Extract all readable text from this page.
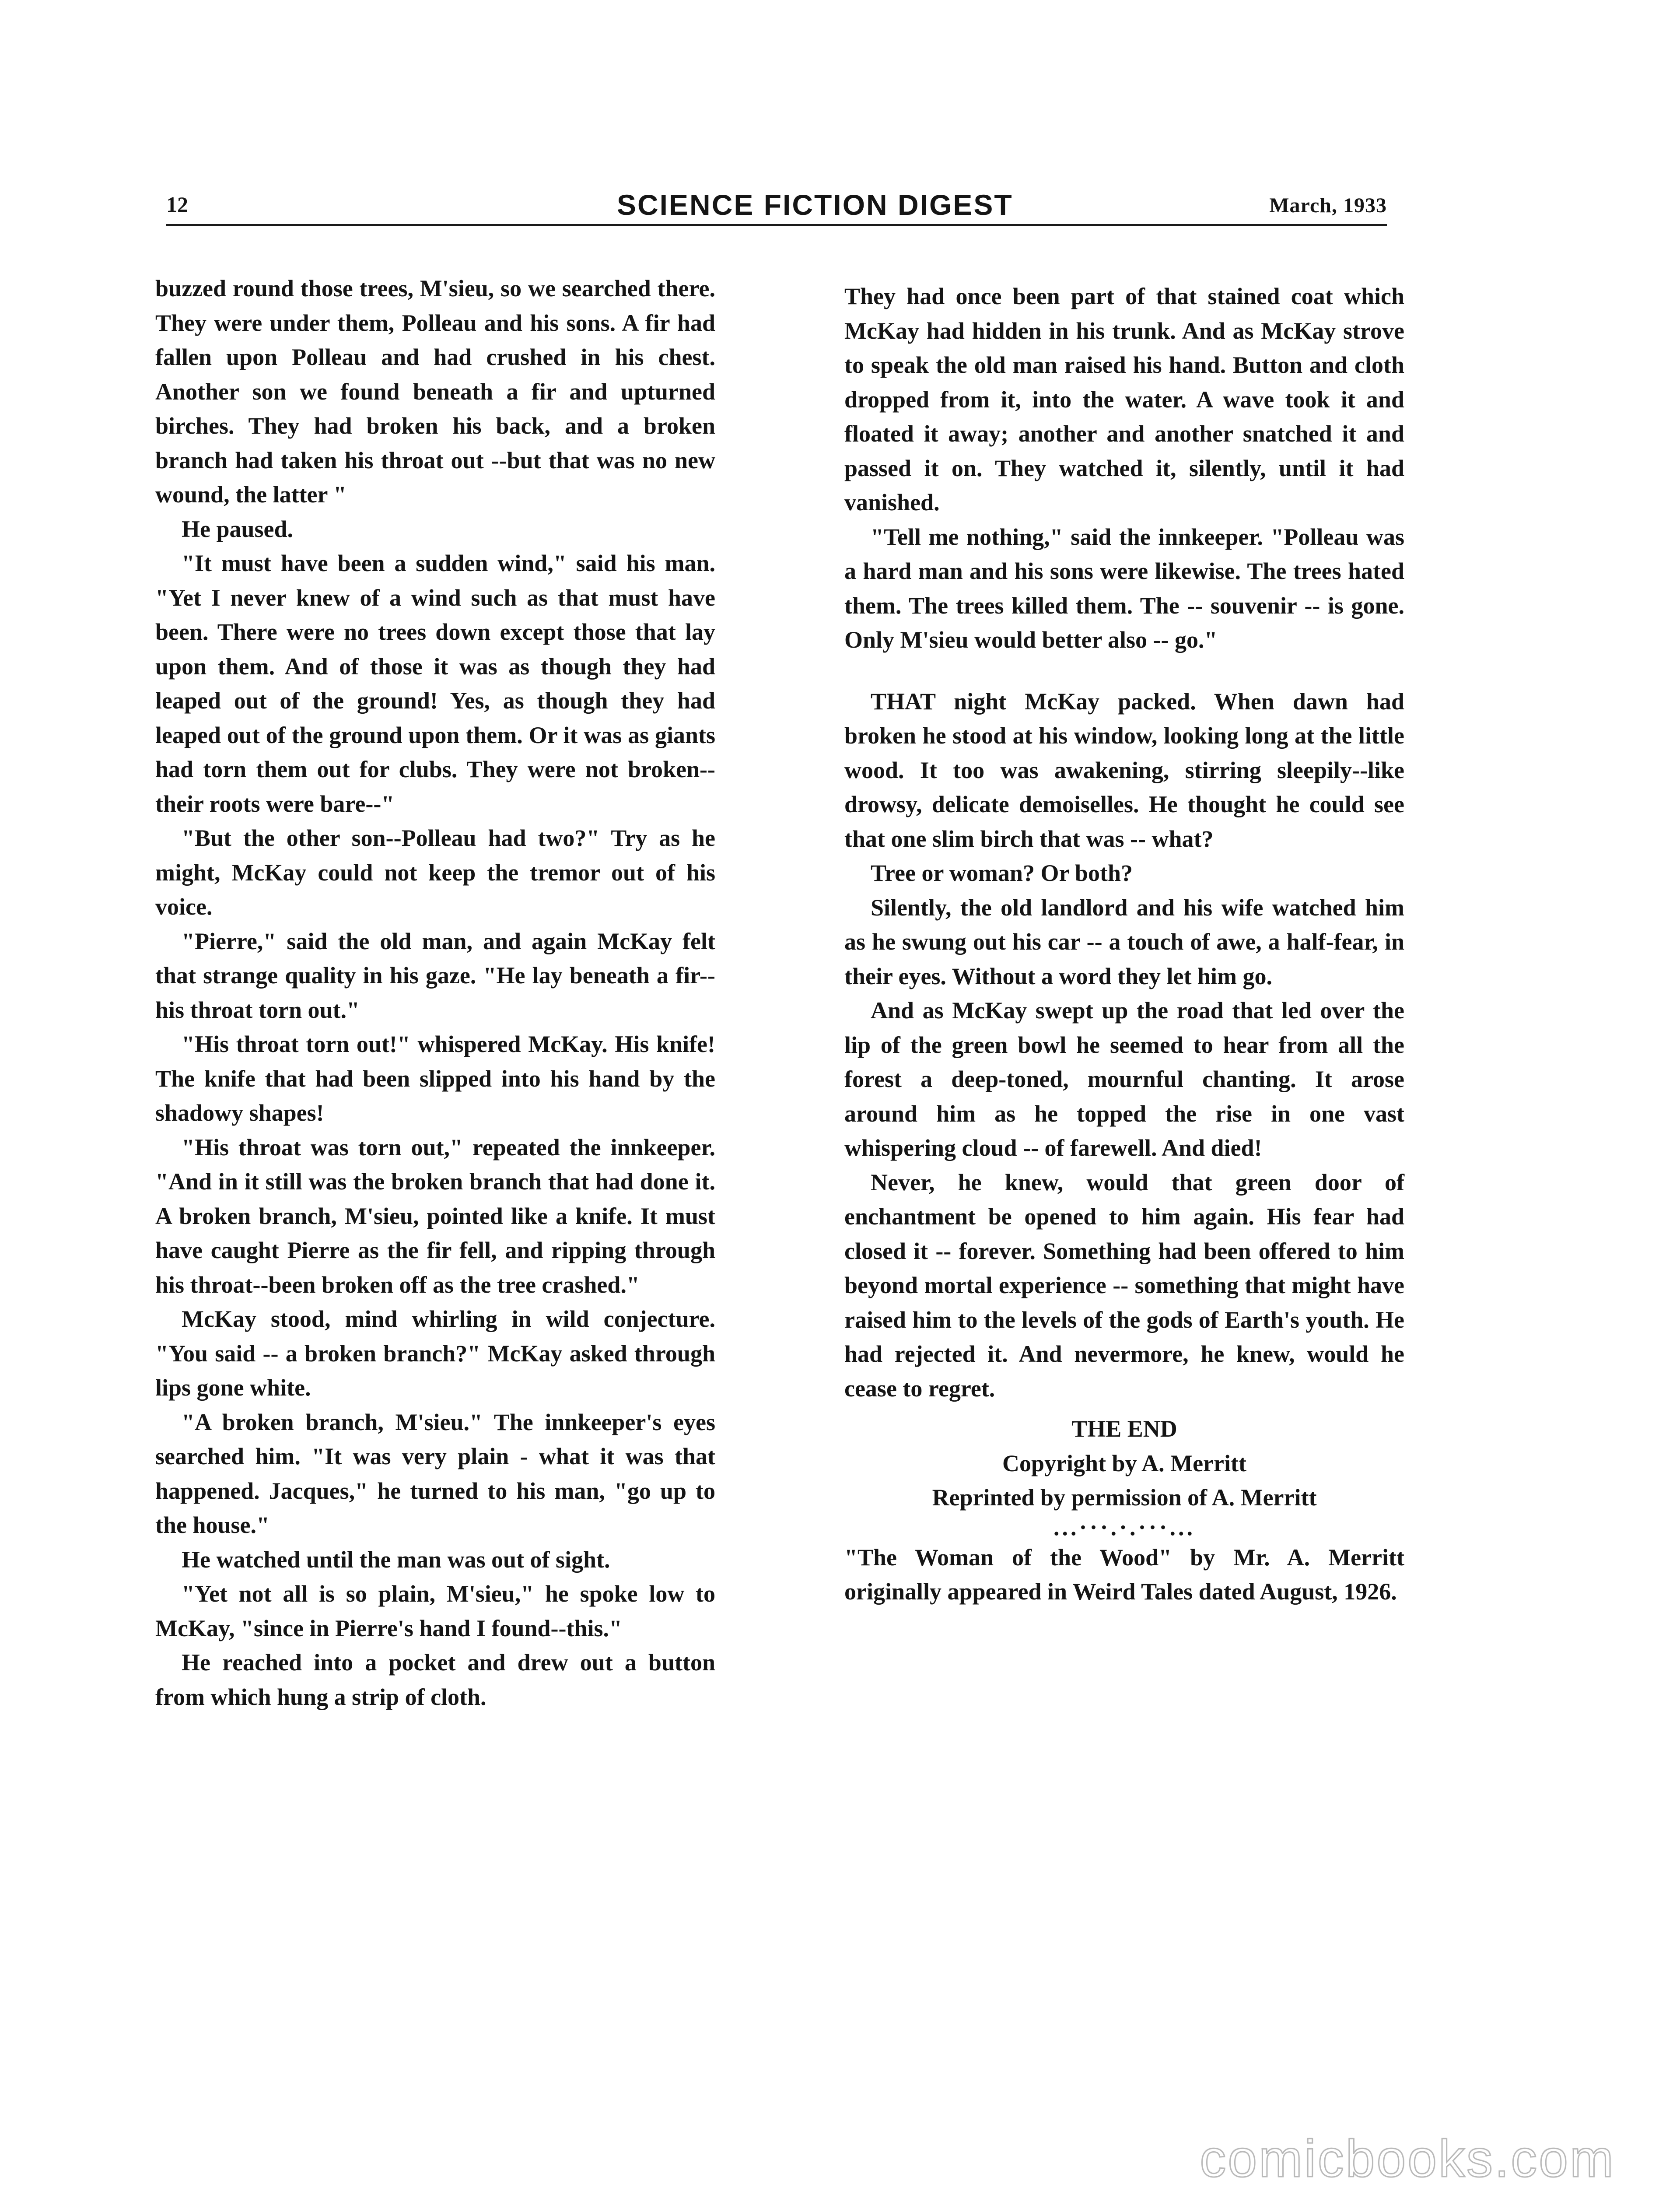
12	SCIENCE FICTION DIGEST	March, 1933

buzzed round those trees, M'sieu, so we searched there. They were under them, Polleau and his sons. A fir had fallen upon Polleau and had crushed in his chest. Another son we found beneath a fir and upturned birches. They had broken his back, and a broken branch had taken his throat out --but that was no new wound, the latter "

He paused.

"It must have been a sudden wind," said his man. "Yet I never knew of a wind such as that must have been. There were no trees down except those that lay upon them. And of those it was as though they had leaped out of the ground! Yes, as though they had leaped out of the ground upon them. Or it was as giants had torn them out for clubs. They were not broken--their roots were bare--"

"But the other son--Polleau had two?" Try as he might, McKay could not keep the tremor out of his voice.

"Pierre," said the old man, and again McKay felt that strange quality in his gaze. "He lay beneath a fir--his throat torn out."

"His throat torn out!" whispered McKay. His knife! The knife that had been slipped into his hand by the shadowy shapes!

"His throat was torn out," repeated the innkeeper. "And in it still was the broken branch that had done it. A broken branch, M'sieu, pointed like a knife. It must have caught Pierre as the fir fell, and ripping through his throat--been broken off as the tree crashed."

McKay stood, mind whirling in wild conjecture. "You said -- a broken branch?" McKay asked through lips gone white.

"A broken branch, M'sieu." The innkeeper's eyes searched him. "It was very plain - what it was that happened. Jacques," he turned to his man, "go up to the house."

He watched until the man was out of sight.

"Yet not all is so plain, M'sieu," he spoke low to McKay, "since in Pierre's hand I found--this."

He reached into a pocket and drew out a button from which hung a strip of cloth.

They had once been part of that stained coat which McKay had hidden in his trunk. And as McKay strove to speak the old man raised his hand. Button and cloth dropped from it, into the water. A wave took it and floated it away; another and another snatched it and passed it on. They watched it, silently, until it had vanished.

"Tell me nothing," said the innkeeper. "Polleau was a hard man and his sons were likewise. The trees hated them. The trees killed them. The -- souvenir -- is gone. Only M'sieu would better also -- go."

THAT night McKay packed. When dawn had broken he stood at his window, looking long at the little wood. It too was awakening, stirring sleepily--like drowsy, delicate demoiselles. He thought he could see that one slim birch that was -- what?

Tree or woman? Or both?

Silently, the old landlord and his wife watched him as he swung out his car -- a touch of awe, a half-fear, in their eyes. Without a word they let him go.

And as McKay swept up the road that led over the lip of the green bowl he seemed to hear from all the forest a deep-toned, mournful chanting. It arose around him as he topped the rise in one vast whispering cloud -- of farewell. And died!

Never, he knew, would that green door of enchantment be opened to him again. His fear had closed it -- forever. Something had been offered to him beyond mortal experience -- something that might have raised him to the levels of the gods of Earth's youth. He had rejected it. And nevermore, he knew, would he cease to regret.

THE END

Copyright by A. Merritt

Reprinted by permission of A. Merritt

...···.·.···...

"The Woman of the Wood" by Mr. A. Merritt originally appeared in Weird Tales dated August, 1926.

comicbooks.com
